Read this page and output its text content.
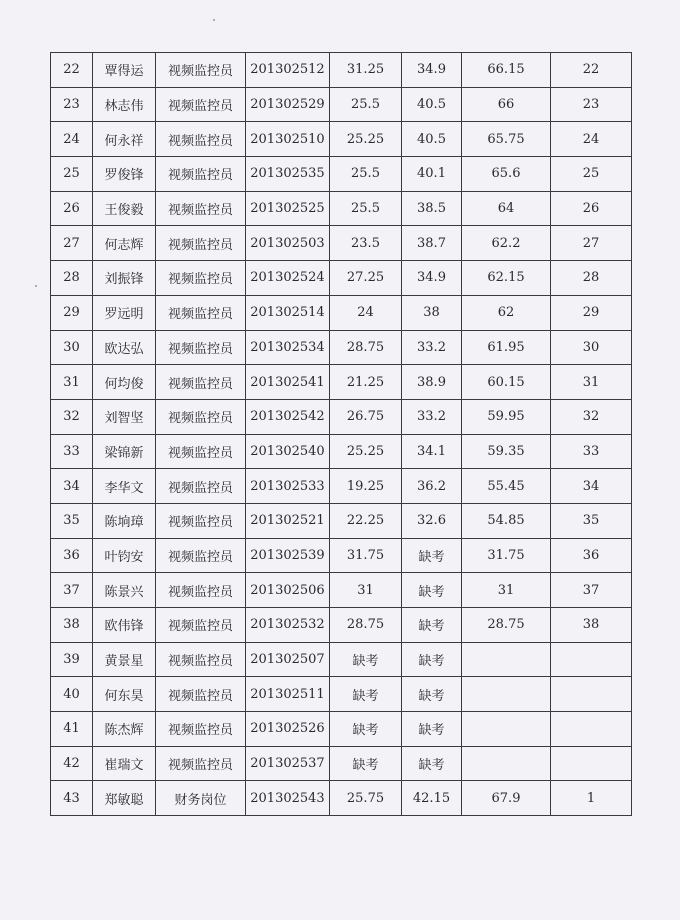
22	覃得运	视频监控员	201302512	31.25	34.9	66.15	22
23	林志伟	视频监控员	201302529	25.5	40.5	66	23
24	何永祥	视频监控员	201302510	25.25	40.5	65.75	24
25	罗俊锋	视频监控员	201302535	25.5	40.1	65.6	25
26	王俊毅	视频监控员	201302525	25.5	38.5	64	26
27	何志辉	视频监控员	201302503	23.5	38.7	62.2	27
28	刘振锋	视频监控员	201302524	27.25	34.9	62.15	28
29	罗远明	视频监控员	201302514	24	38	62	29
30	欧达弘	视频监控员	201302534	28.75	33.2	61.95	30
31	何均俊	视频监控员	201302541	21.25	38.9	60.15	31
32	刘智坚	视频监控员	201302542	26.75	33.2	59.95	32
33	梁锦新	视频监控员	201302540	25.25	34.1	59.35	33
34	李华文	视频监控员	201302533	19.25	36.2	55.45	34
35	陈垧璋	视频监控员	201302521	22.25	32.6	54.85	35
36	叶钧安	视频监控员	201302539	31.75	缺考	31.75	36
37	陈景兴	视频监控员	201302506	31	缺考	31	37
38	欧伟锋	视频监控员	201302532	28.75	缺考	28.75	38
39	黄景星	视频监控员	201302507	缺考	缺考		
40	何东昊	视频监控员	201302511	缺考	缺考		
41	陈杰辉	视频监控员	201302526	缺考	缺考		
42	崔瑞文	视频监控员	201302537	缺考	缺考		
43	郑敏聪	财务岗位	201302543	25.75	42.15	67.9	1
